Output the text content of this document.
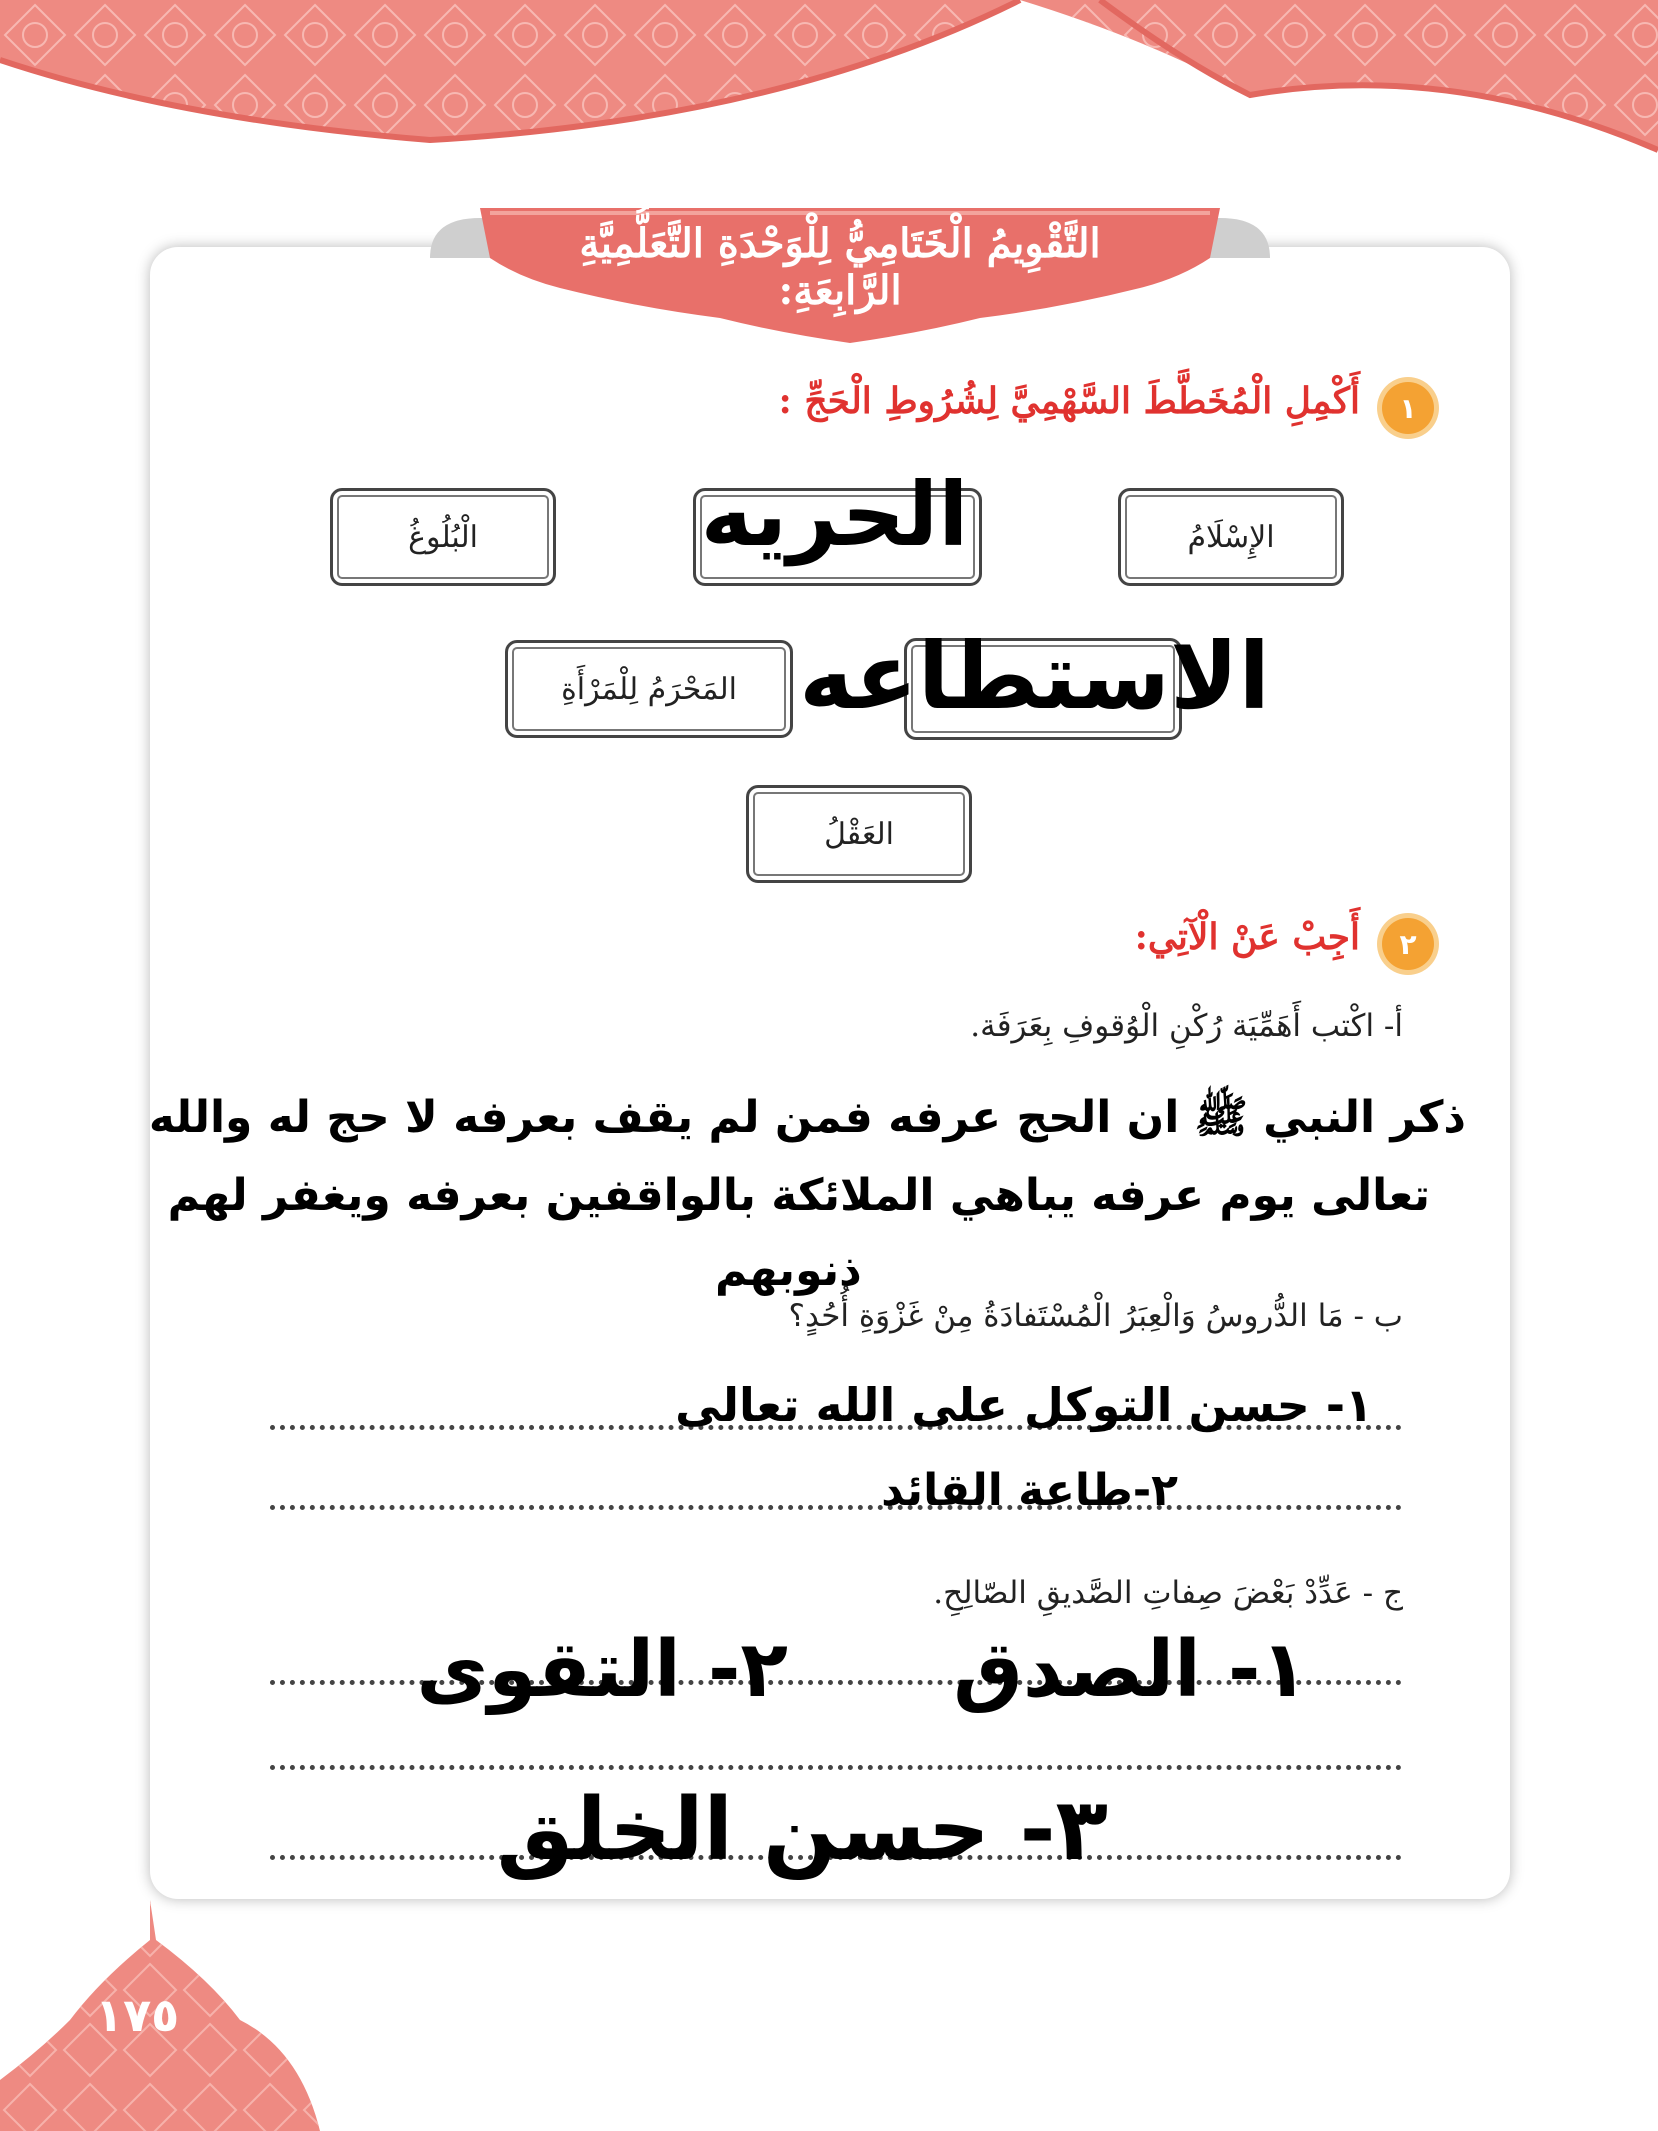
التَّقْوِيمُ الْخَتَامِيُّ لِلْوَحْدَةِ التَّعَلُّمِيَّةِ الرَّابِعَةِ:
١
أَكْمِلِ الْمُخَطَّطَ السَّهْمِيَّ لِشُرُوطِ الْحَجِّ :
الإِسْلَامُ
الحريه
الْبُلُوغُ
الاستطاعه
المَحْرَمُ لِلْمَرْأَةِ
العَقْلُ
٢
أَجِبْ عَنْ الْآتِي:
أ- اكْتب أَهَمِّيَة رُكْنِ الْوُقوفِ بِعَرَفَة.
ذكر النبي ﷺ ان الحج عرفه فمن لم يقف بعرفه لا حج له والله
تعالى يوم عرفه يباهي الملائكة بالواقفين بعرفه ويغفر لهم
ذنوبهم
ب - مَا الدُّروسُ وَالْعِبَرُ الْمُسْتَفادَةُ مِنْ غَزْوَةِ أُحُدٍ؟
١- حسن التوكل على الله تعالى
٢-طاعة القائد
ج - عَدِّدْ بَعْضَ صِفاتِ الصَّديقِ الصّالِحِ.
١- الصدق
٢- التقوى
٣- حسن الخلق
١٧٥
